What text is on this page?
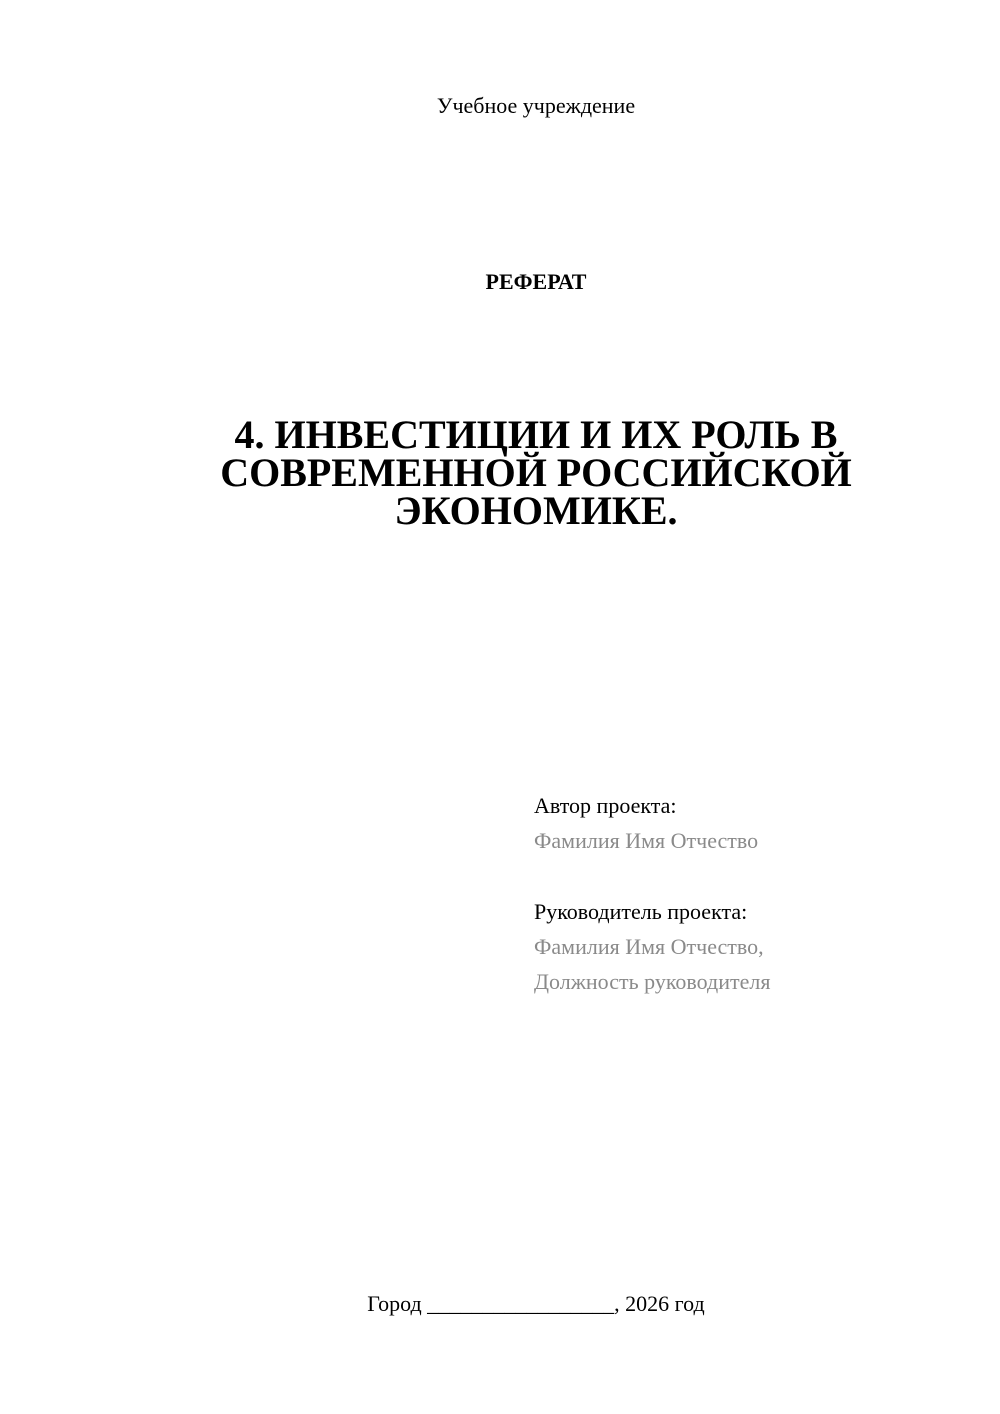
Учебное учреждение
РЕФЕРАТ
4. ИНВЕСТИЦИИ И ИХ РОЛЬ В
СОВРЕМЕННОЙ РОССИЙСКОЙ
ЭКОНОМИКЕ.
Автор проекта:
Фамилия Имя Отчество
Руководитель проекта:
Фамилия Имя Отчество,
Должность руководителя
Город _________________, 2026 год
